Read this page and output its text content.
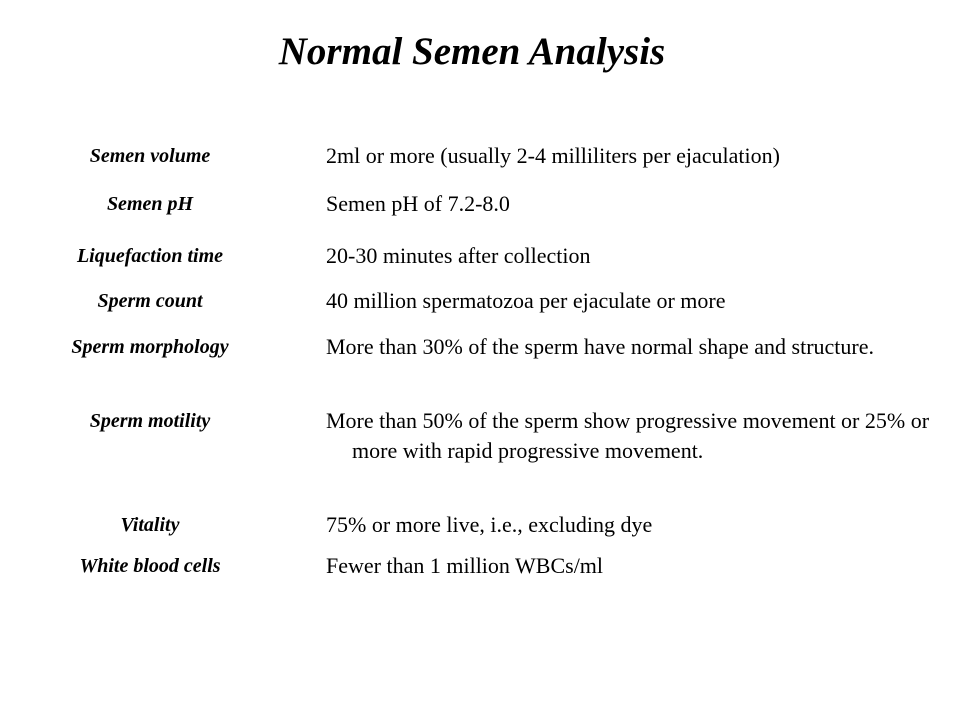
Normal Semen Analysis
Semen volume	2ml or more (usually 2-4 milliliters per ejaculation)
Semen pH	Semen pH of 7.2-8.0
Liquefaction time	20-30 minutes after collection
Sperm count	40 million spermatozoa per ejaculate or more
Sperm morphology	More than 30% of the sperm have normal shape and structure.
Sperm motility	More than 50% of the sperm show progressive movement or 25% or more with rapid progressive movement.
Vitality	75% or more live, i.e., excluding dye
White blood cells	Fewer than 1 million WBCs/ml
